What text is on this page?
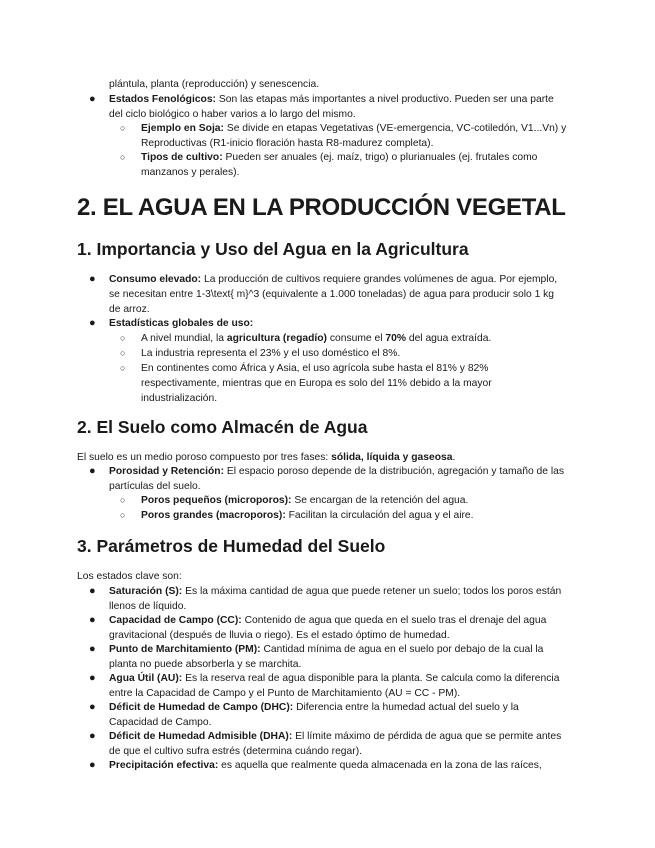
plántula, planta (reproducción) y senescencia.
● Estados Fenológicos: Son las etapas más importantes a nivel productivo. Pueden ser una parte
del ciclo biológico o haber varios a lo largo del mismo.
○ Ejemplo en Soja: Se divide en etapas Vegetativas (VE-emergencia, VC-cotiledón, V1...Vn) y
Reproductivas (R1-inicio floración hasta R8-madurez completa).
○ Tipos de cultivo: Pueden ser anuales (ej. maíz, trigo) o plurianuales (ej. frutales como
manzanos y perales).
2. EL AGUA EN LA PRODUCCIÓN VEGETAL
1. Importancia y Uso del Agua en la Agricultura
● Consumo elevado: La producción de cultivos requiere grandes volúmenes de agua. Por ejemplo,
se necesitan entre 1-3\text{ m}^3 (equivalente a 1.000 toneladas) de agua para producir solo 1 kg
de arroz.
● Estadísticas globales de uso:
○ A nivel mundial, la agricultura (regadío) consume el 70% del agua extraída.
○ La industria representa el 23% y el uso doméstico el 8%.
○ En continentes como África y Asia, el uso agrícola sube hasta el 81% y 82%
respectivamente, mientras que en Europa es solo del 11% debido a la mayor
industrialización.
2. El Suelo como Almacén de Agua
El suelo es un medio poroso compuesto por tres fases: sólida, líquida y gaseosa.
● Porosidad y Retención: El espacio poroso depende de la distribución, agregación y tamaño de las
partículas del suelo.
○ Poros pequeños (microporos): Se encargan de la retención del agua.
○ Poros grandes (macroporos): Facilitan la circulación del agua y el aire.
3. Parámetros de Humedad del Suelo
Los estados clave son:
● Saturación (S): Es la máxima cantidad de agua que puede retener un suelo; todos los poros están
llenos de líquido.
● Capacidad de Campo (CC): Contenido de agua que queda en el suelo tras el drenaje del agua
gravitacional (después de lluvia o riego). Es el estado óptimo de humedad.
● Punto de Marchitamiento (PM): Cantidad mínima de agua en el suelo por debajo de la cual la
planta no puede absorberla y se marchita.
● Agua Útil (AU): Es la reserva real de agua disponible para la planta. Se calcula como la diferencia
entre la Capacidad de Campo y el Punto de Marchitamiento (AU = CC - PM).
● Déficit de Humedad de Campo (DHC): Diferencia entre la humedad actual del suelo y la
Capacidad de Campo.
● Déficit de Humedad Admisible (DHA): El límite máximo de pérdida de agua que se permite antes
de que el cultivo sufra estrés (determina cuándo regar).
● Precipitación efectiva: es aquella que realmente queda almacenada en la zona de las raíces,
